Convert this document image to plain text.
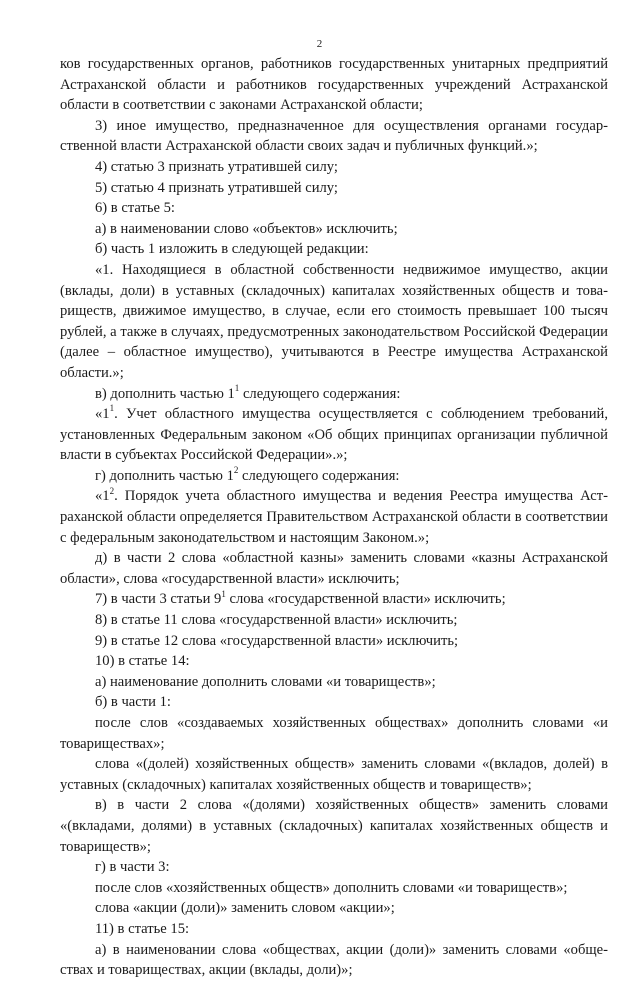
2

ков государственных органов, работников государственных унитарных предприятий Астраханской области и работников государственных учреждений Астраханской области в соответствии с законами Астраханской области;

3) иное имущество, предназначенное для осуществления органами государственной власти Астраханской области своих задач и публичных функций.»;

4) статью 3 признать утратившей силу;

5) статью 4 признать утратившей силу;

6) в статье 5:

а) в наименовании слово «объектов» исключить;

б) часть 1 изложить в следующей редакции:

«1. Находящиеся в областной собственности недвижимое имущество, акции (вклады, доли) в уставных (складочных) капиталах хозяйственных обществ и товариществ, движимое имущество, в случае, если его стоимость превышает 100 тысяч рублей, а также в случаях, предусмотренных законодательством Российской Федерации (далее – областное имущество), учитываются в Реестре имущества Астраханской области.»;

в) дополнить частью $1^1$ следующего содержания:

«$1^1$. Учет областного имущества осуществляется с соблюдением требований, установленных Федеральным законом «Об общих принципах организации публичной власти в субъектах Российской Федерации».»;

г) дополнить частью $1^2$ следующего содержания:

«$1^2$. Порядок учета областного имущества и ведения Реестра имущества Астраханской области определяется Правительством Астраханской области в соответствии с федеральным законодательством и настоящим Законом.»;

д) в части 2 слова «областной казны» заменить словами «казны Астраханской области», слова «государственной власти» исключить;

7) в части 3 статьи $9^1$ слова «государственной власти» исключить;

8) в статье 11 слова «государственной власти» исключить;

9) в статье 12 слова «государственной власти» исключить;

10) в статье 14:

а) наименование дополнить словами «и товариществ»;

б) в части 1:

после слов «создаваемых хозяйственных обществах» дополнить словами «и товариществах»;

слова «(долей) хозяйственных обществ» заменить словами «(вкладов, долей) в уставных (складочных) капиталах хозяйственных обществ и товариществ»;

в) в части 2 слова «(долями) хозяйственных обществ» заменить словами «(вкладами, долями) в уставных (складочных) капиталах хозяйственных обществ и товариществ»;

г) в части 3:

после слов «хозяйственных обществ» дополнить словами «и товариществ»;

слова «акции (доли)» заменить словом «акции»;

11) в статье 15:

а) в наименовании слова «обществах, акции (доли)» заменить словами «обществах и товариществах, акции (вклады, доли)»;
